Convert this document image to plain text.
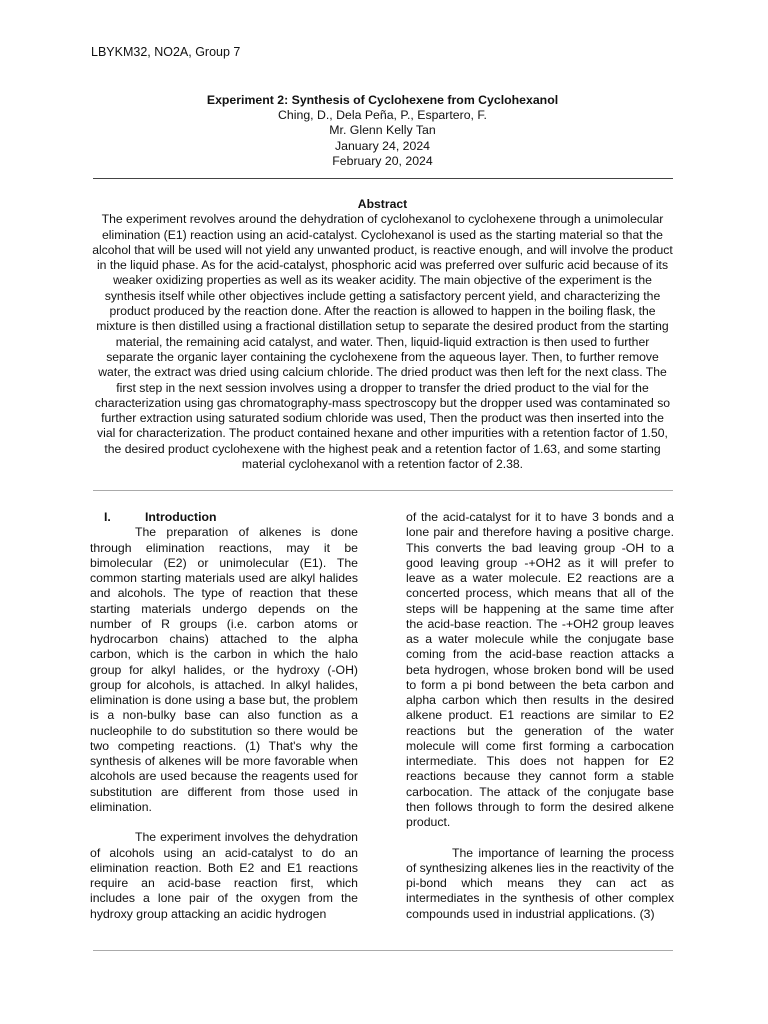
LBYKM32, NO2A, Group 7
Experiment 2: Synthesis of Cyclohexene from Cyclohexanol
Ching, D., Dela Peña, P., Espartero, F.
Mr. Glenn Kelly Tan
January 24, 2024
February 20, 2024
Abstract
The experiment revolves around the dehydration of cyclohexanol to cyclohexene through a unimolecular elimination (E1) reaction using an acid-catalyst. Cyclohexanol is used as the starting material so that the alcohol that will be used will not yield any unwanted product, is reactive enough, and will involve the product in the liquid phase. As for the acid-catalyst, phosphoric acid was preferred over sulfuric acid because of its weaker oxidizing properties as well as its weaker acidity. The main objective of the experiment is the synthesis itself while other objectives include getting a satisfactory percent yield, and characterizing the product produced by the reaction done. After the reaction is allowed to happen in the boiling flask, the mixture is then distilled using a fractional distillation setup to separate the desired product from the starting material, the remaining acid catalyst, and water. Then, liquid-liquid extraction is then used to further separate the organic layer containing the cyclohexene from the aqueous layer. Then, to further remove water, the extract was dried using calcium chloride. The dried product was then left for the next class. The first step in the next session involves using a dropper to transfer the dried product to the vial for the characterization using gas chromatography-mass spectroscopy but the dropper used was contaminated so further extraction using saturated sodium chloride was used, Then the product was then inserted into the vial for characterization. The product contained hexane and other impurities with a retention factor of 1.50, the desired product cyclohexene with the highest peak and a retention factor of 1.63, and some starting material cyclohexanol with a retention factor of 2.38.
I.	Introduction

The preparation of alkenes is done through elimination reactions, may it be bimolecular (E2) or unimolecular (E1). The common starting materials used are alkyl halides and alcohols. The type of reaction that these starting materials undergo depends on the number of R groups (i.e. carbon atoms or hydrocarbon chains) attached to the alpha carbon, which is the carbon in which the halo group for alkyl halides, or the hydroxy (-OH) group for alcohols, is attached. In alkyl halides, elimination is done using a base but, the problem is a non-bulky base can also function as a nucleophile to do substitution so there would be two competing reactions. (1) That's why the synthesis of alkenes will be more favorable when alcohols are used because the reagents used for substitution are different from those used in elimination.

The experiment involves the dehydration of alcohols using an acid-catalyst to do an elimination reaction. Both E2 and E1 reactions require an acid-base reaction first, which includes a lone pair of the oxygen from the hydroxy group attacking an acidic hydrogen

of the acid-catalyst for it to have 3 bonds and a lone pair and therefore having a positive charge. This converts the bad leaving group -OH to a good leaving group -+OH2 as it will prefer to leave as a water molecule. E2 reactions are a concerted process, which means that all of the steps will be happening at the same time after the acid-base reaction. The -+OH2 group leaves as a water molecule while the conjugate base coming from the acid-base reaction attacks a beta hydrogen, whose broken bond will be used to form a pi bond between the beta carbon and alpha carbon which then results in the desired alkene product. E1 reactions are similar to E2 reactions but the generation of the water molecule will come first forming a carbocation intermediate. This does not happen for E2 reactions because they cannot form a stable carbocation. The attack of the conjugate base then follows through to form the desired alkene product.

The importance of learning the process of synthesizing alkenes lies in the reactivity of the pi-bond which means they can act as intermediates in the synthesis of other complex compounds used in industrial applications. (3)
